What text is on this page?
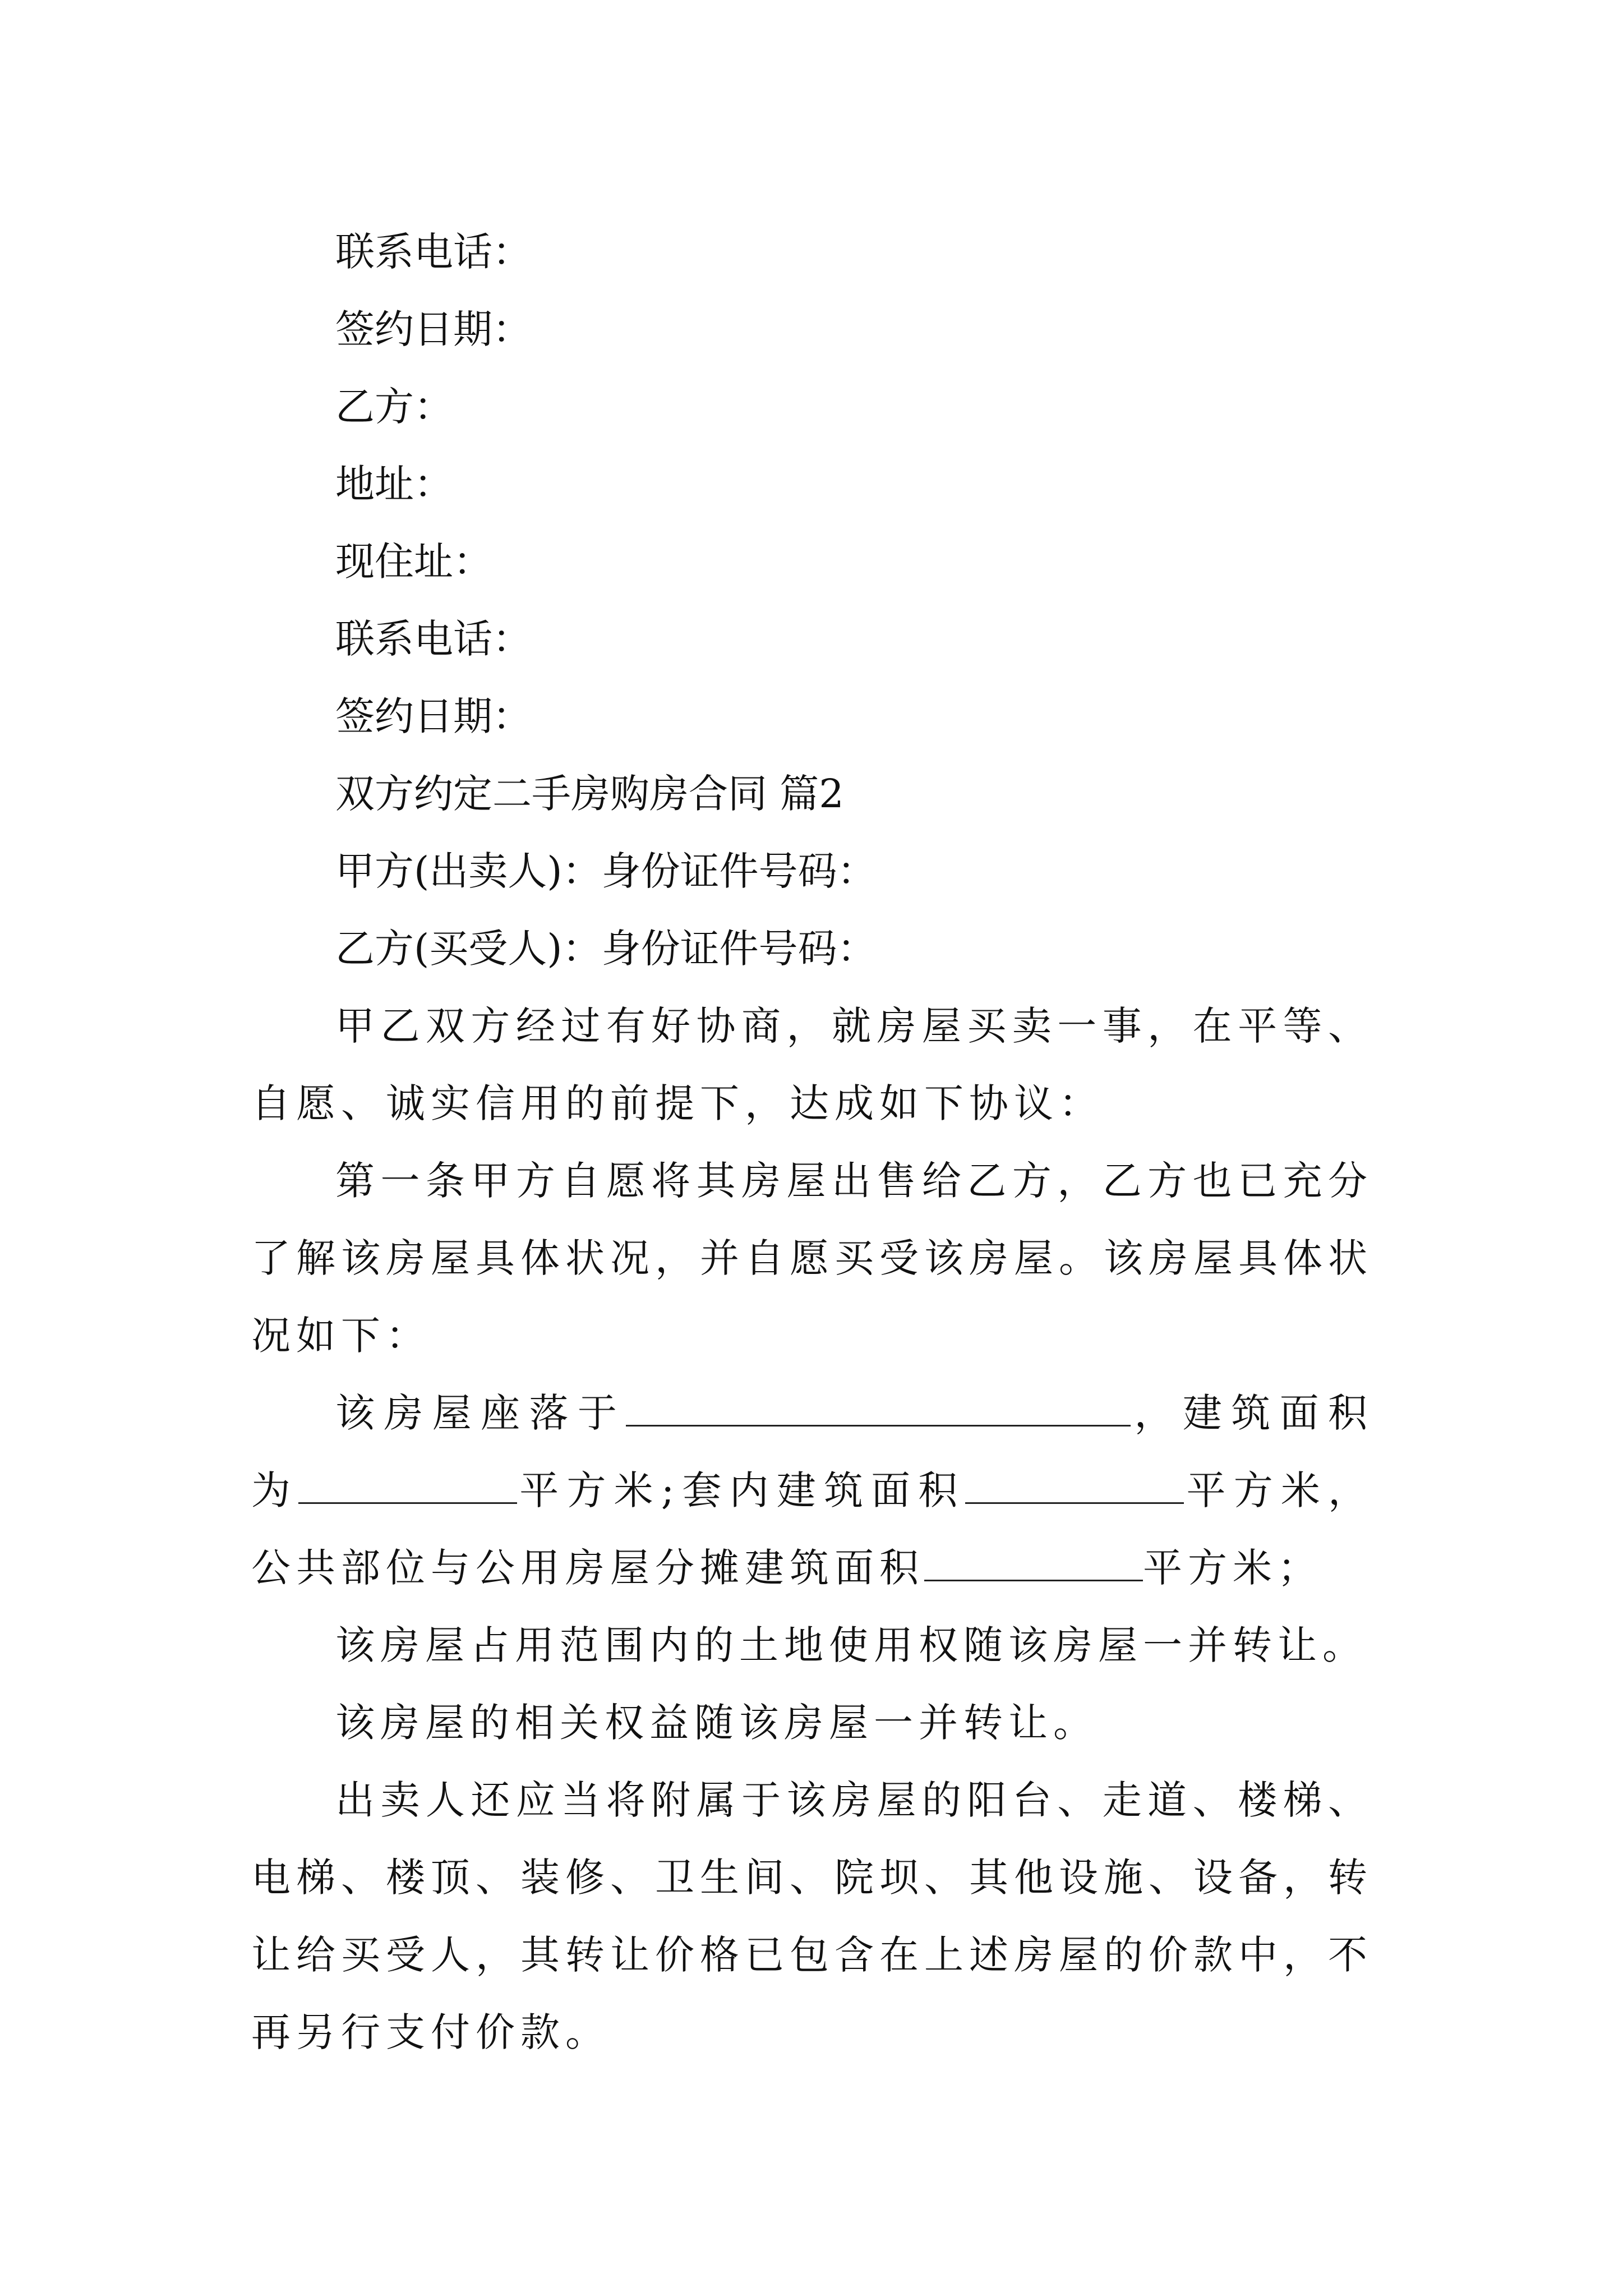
联系电话：
签约日期：
乙方：
地址：
现住址：
联系电话：
签约日期：
双方约定二手房购房合同 篇2
甲方(出卖人)：身份证件号码：
乙方(买受人)：身份证件号码：
甲乙双方经过有好协商，就房屋买卖一事，在平等、自愿、诚实信用的前提下，达成如下协议：
第一条甲方自愿将其房屋出售给乙方，乙方也已充分了解该房屋具体状况，并自愿买受该房屋。该房屋具体状况如下：
该房屋座落于	，建筑面积为	平方米;套内建筑面积	平方米，公共部位与公用房屋分摊建筑面积	平方米；
该房屋占用范围内的土地使用权随该房屋一并转让。
该房屋的相关权益随该房屋一并转让。
出卖人还应当将附属于该房屋的阳台、走道、楼梯、电梯、楼顶、装修、卫生间、院坝、其他设施、设备，转让给买受人，其转让价格已包含在上述房屋的价款中，不再另行支付价款。
